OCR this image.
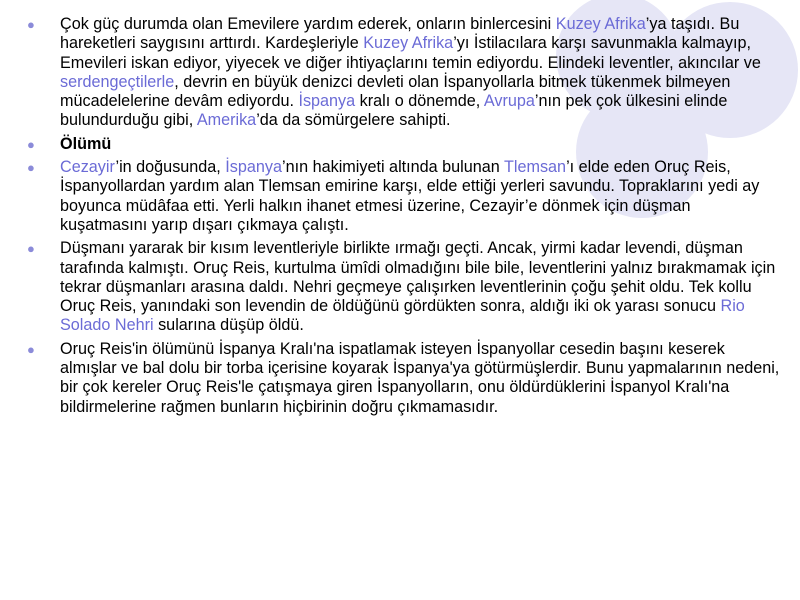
● Çok güç durumda olan Emevilere yardım ederek, onların binlercesini Kuzey Afrika’ya taşıdı. Bu hareketleri saygısını arttırdı. Kardeşleriyle Kuzey Afrika’yı İstilacılara karşı savunmakla kalmayıp, Emevileri iskan ediyor, yiyecek ve diğer ihtiyaçlarını temin ediyordu. Elindeki leventler, akıncılar ve serdengeçtilerle, devrin en büyük denizci devleti olan İspanyollarla bitmek tükenmek bilmeyen mücadelelerine devâm ediyordu. İspanya kralı o dönemde, Avrupa’nın pek çok ülkesini elinde bulundurduğu gibi, Amerika’da da sömürgelere sahipti.
● Ölümü
● Cezayir’in doğusunda, İspanya’nın hakimiyeti altında bulunan Tlemsan’ı elde eden Oruç Reis, İspanyollardan yardım alan Tlemsan emirine karşı, elde ettiği yerleri savundu. Topraklarını yedi ay boyunca müdâfaa etti. Yerli halkın ihanet etmesi üzerine, Cezayir’e dönmek için düşman kuşatmasını yarıp dışarı çıkmaya çalıştı.
● Düşmanı yararak bir kısım leventleriyle birlikte ırmağı geçti. Ancak, yirmi kadar levendi, düşman tarafında kalmıştı. Oruç Reis, kurtulma ümîdi olmadığını bile bile, leventlerini yalnız bırakmamak için tekrar düşmanları arasına daldı. Nehri geçmeye çalışırken leventlerinin çoğu şehit oldu. Tek kollu Oruç Reis, yanındaki son levendin de öldüğünü gördükten sonra, aldığı iki ok yarası sonucu Rio Solado Nehri sularına düşüp öldü.
● Oruç Reis'in ölümünü İspanya Kralı'na ispatlamak isteyen İspanyollar cesedin başını keserek almışlar ve bal dolu bir torba içerisine koyarak İspanya'ya götürmüşlerdir. Bunu yapmalarının nedeni, bir çok kereler Oruç Reis'le çatışmaya giren İspanyolların, onu öldürdüklerini İspanyol Kralı'na bildirmelerine rağmen bunların hiçbirinin doğru çıkmamasıdır.
